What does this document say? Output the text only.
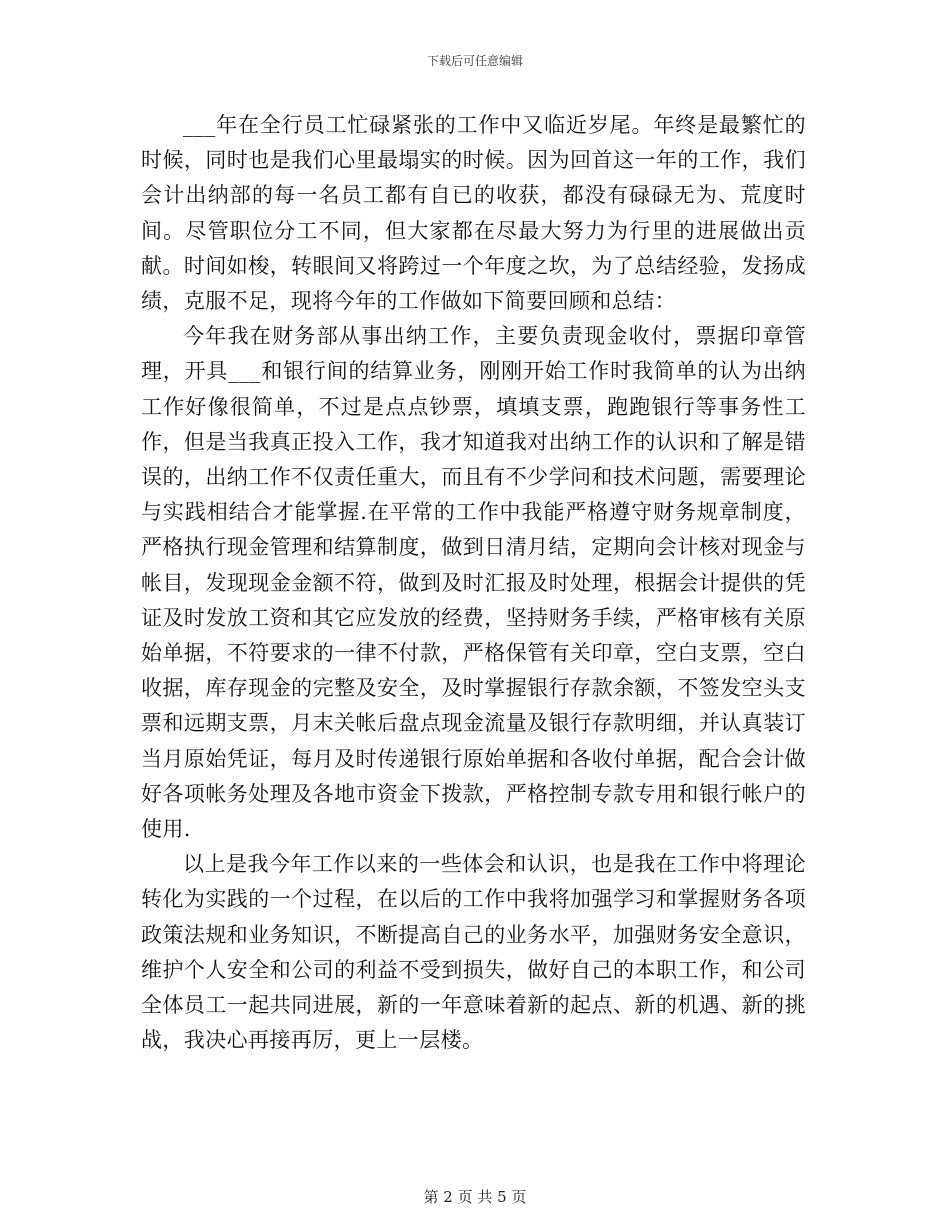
下载后可任意编辑

___年在全行员工忙碌紧张的工作中又临近岁尾。年终是最繁忙的时候，同时也是我们心里最塌实的时候。因为回首这一年的工作，我们会计出纳部的每一名员工都有自已的收获，都没有碌碌无为、荒度时间。尽管职位分工不同，但大家都在尽最大努力为行里的进展做出贡献。时间如梭，转眼间又将跨过一个年度之坎，为了总结经验，发扬成绩，克服不足，现将今年的工作做如下简要回顾和总结：

今年我在财务部从事出纳工作，主要负责现金收付，票据印章管理，开具___和银行间的结算业务，刚刚开始工作时我简单的认为出纳工作好像很简单，不过是点点钞票，填填支票，跑跑银行等事务性工作，但是当我真正投入工作，我才知道我对出纳工作的认识和了解是错误的，出纳工作不仅责任重大，而且有不少学问和技术问题，需要理论与实践相结合才能掌握.在平常的工作中我能严格遵守财务规章制度，严格执行现金管理和结算制度，做到日清月结，定期向会计核对现金与帐目，发现现金金额不符，做到及时汇报及时处理，根据会计提供的凭证及时发放工资和其它应发放的经费，坚持财务手续，严格审核有关原始单据，不符要求的一律不付款，严格保管有关印章，空白支票，空白收据，库存现金的完整及安全，及时掌握银行存款余额，不签发空头支票和远期支票，月末关帐后盘点现金流量及银行存款明细，并认真装订当月原始凭证，每月及时传递银行原始单据和各收付单据，配合会计做好各项帐务处理及各地市资金下拨款，严格控制专款专用和银行帐户的使用.

以上是我今年工作以来的一些体会和认识，也是我在工作中将理论转化为实践的一个过程，在以后的工作中我将加强学习和掌握财务各项政策法规和业务知识，不断提高自己的业务水平，加强财务安全意识，维护个人安全和公司的利益不受到损失，做好自己的本职工作，和公司全体员工一起共同进展，新的一年意味着新的起点、新的机遇、新的挑战，我决心再接再厉，更上一层楼。

第 2 页 共 5 页
